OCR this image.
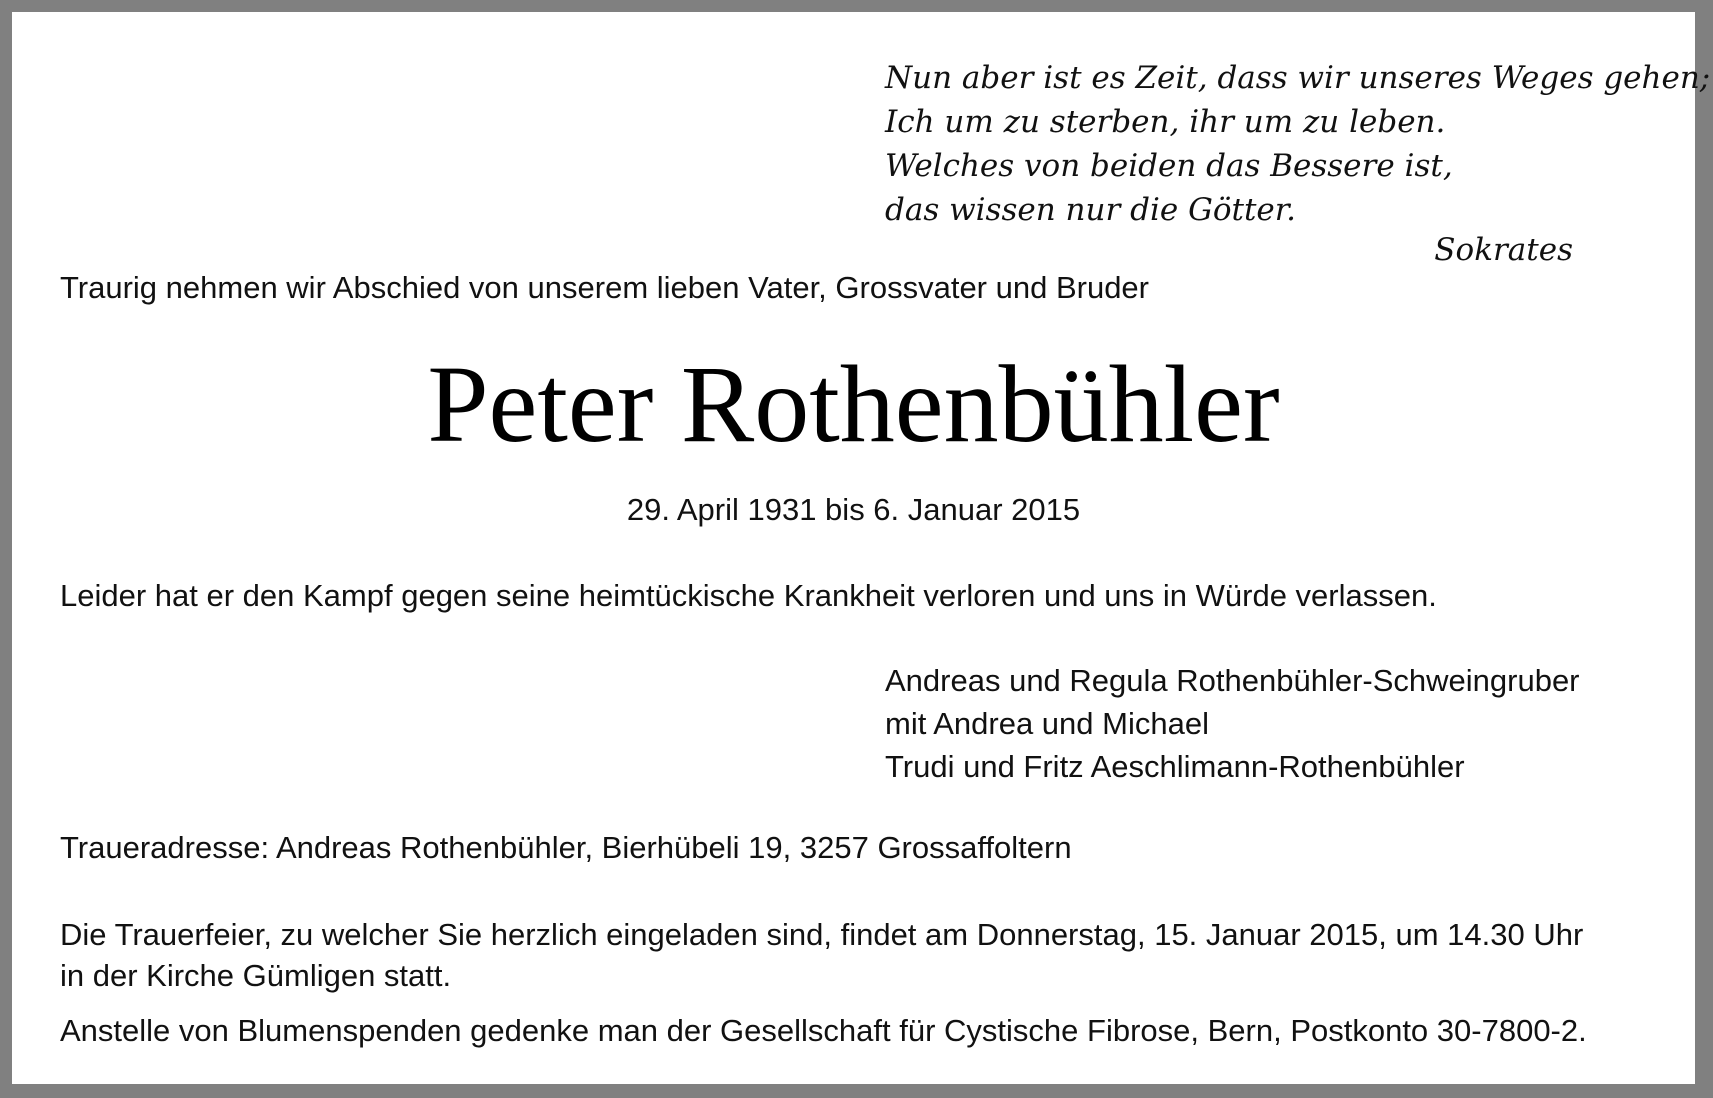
Nun aber ist es Zeit, dass wir unseres Weges gehen;
Ich um zu sterben, ihr um zu leben.
Welches von beiden das Bessere ist,
das wissen nur die Götter.
Sokrates
Traurig nehmen wir Abschied von unserem lieben Vater, Grossvater und Bruder
Peter Rothenbühler
29. April 1931 bis 6. Januar 2015
Leider hat er den Kampf gegen seine heimtückische Krankheit verloren und uns in Würde verlassen.
Andreas und Regula Rothenbühler-Schweingruber
mit Andrea und Michael
Trudi und Fritz Aeschlimann-Rothenbühler
Traueradresse: Andreas Rothenbühler, Bierhübeli 19, 3257 Grossaffoltern
Die Trauerfeier, zu welcher Sie herzlich eingeladen sind, findet am Donnerstag, 15. Januar 2015, um 14.30 Uhr
in der Kirche Gümligen statt.
Anstelle von Blumenspenden gedenke man der Gesellschaft für Cystische Fibrose, Bern, Postkonto 30-7800-2.
